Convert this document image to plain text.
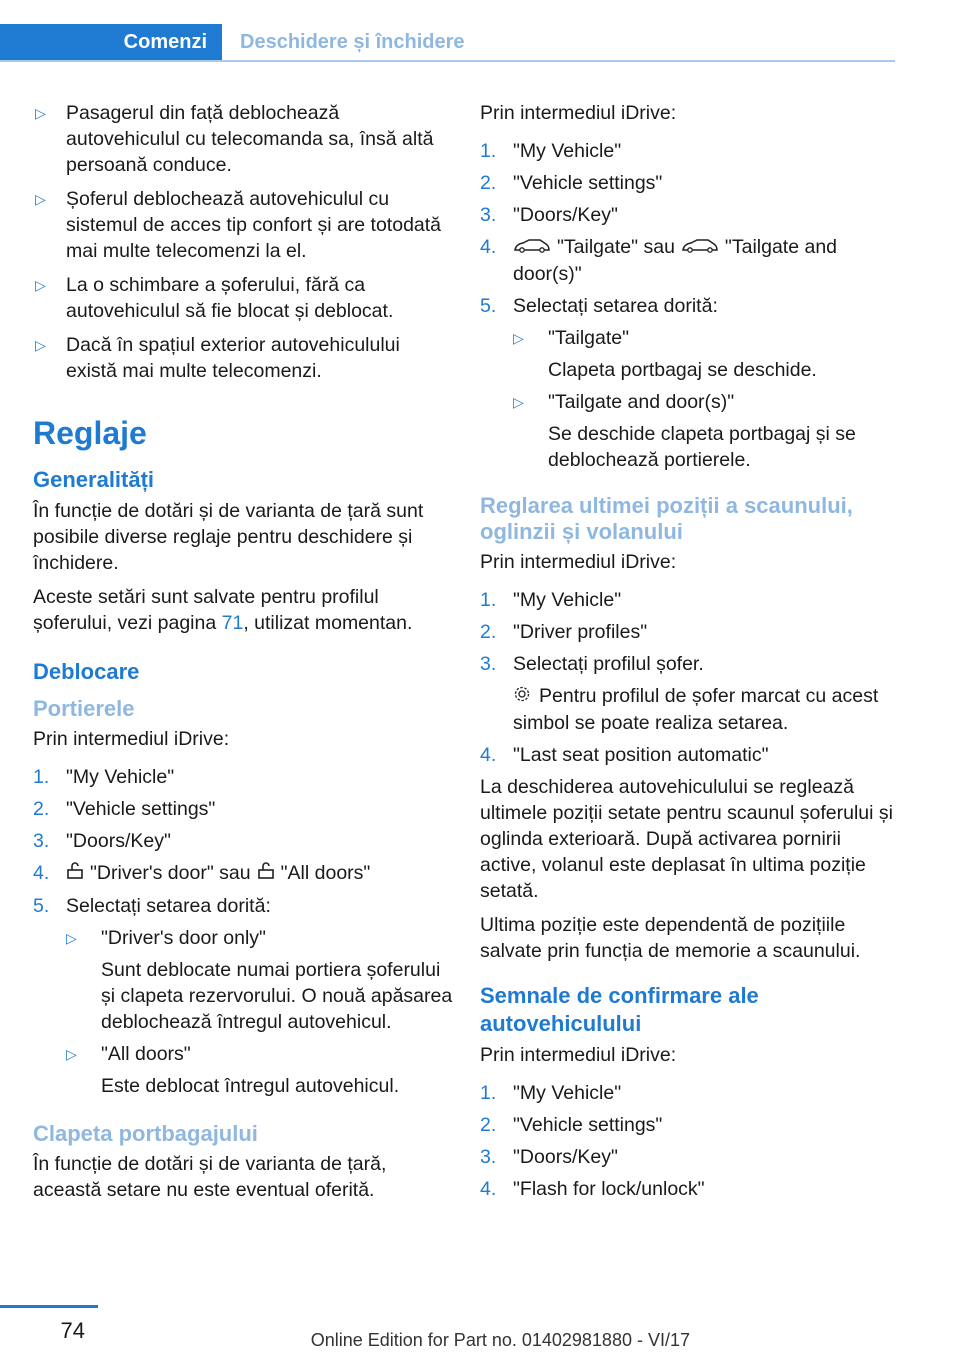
Comenzi	Deschidere și închidere
▷ Pasagerul din față deblochează autovehiculul cu telecomanda sa, însă altă persoană conduce.
▷ Șoferul deblochează autovehiculul cu sistemul de acces tip confort și are totodată mai multe telecomenzi la el.
▷ La o schimbare a șoferului, fără ca autovehiculul să fie blocat și deblocat.
▷ Dacă în spațiul exterior autovehiculului există mai multe telecomenzi.
Reglaje
Generalități

În funcție de dotări și de varianta de țară sunt posibile diverse reglaje pentru deschidere și închidere.

Aceste setări sunt salvate pentru profilul șoferului, vezi pagina 71, utilizat momentan.

Deblocare
Portierele

Prin intermediul iDrive:

1. "My Vehicle"
2. "Vehicle settings"
3. "Doors/Key"
4. "Driver's door" sau "All doors"
5. Selectați setarea dorită:
▷ "Driver's door only"
Sunt deblocate numai portiera șoferului și clapeta rezervorului. O nouă apăsarea deblochează întregul autovehicul.
▷ "All doors"
Este deblocat întregul autovehicul.
Clapeta portbagajului

În funcție de dotări și de varianta de țară, această setare nu este eventual oferită.

Prin intermediul iDrive:

1. "My Vehicle"
2. "Vehicle settings"
3. "Doors/Key"
4.	"Tailgate" sau	"Tailgate and door(s)"
5. Selectați setarea dorită:
▷ "Tailgate"
Clapeta portbagaj se deschide.
▷ "Tailgate and door(s)"
Se deschide clapeta portbagaj și se deblochează portierele.
Reglarea ultimei poziții a scaunului, oglinzii și volanului

Prin intermediul iDrive:

1. "My Vehicle"
2. "Driver profiles"
3. Selectați profilul șofer.
Pentru profilul de șofer marcat cu acest simbol se poate realiza setarea.
4. "Last seat position automatic"

La deschiderea autovehiculului se reglează ultimele poziții setate pentru scaunul șoferului și oglinda exterioară. După activarea pornirii active, volanul este deplasat în ultima poziție setată.

Ultima poziție este dependentă de pozițiile salvate prin funcția de memorie a scaunului.

Semnale de confirmare ale autovehiculului

Prin intermediul iDrive:

1. "My Vehicle"
2. "Vehicle settings"
3. "Doors/Key"
4. "Flash for lock/unlock"
74	Online Edition for Part no. 01402981880 - VI/17
